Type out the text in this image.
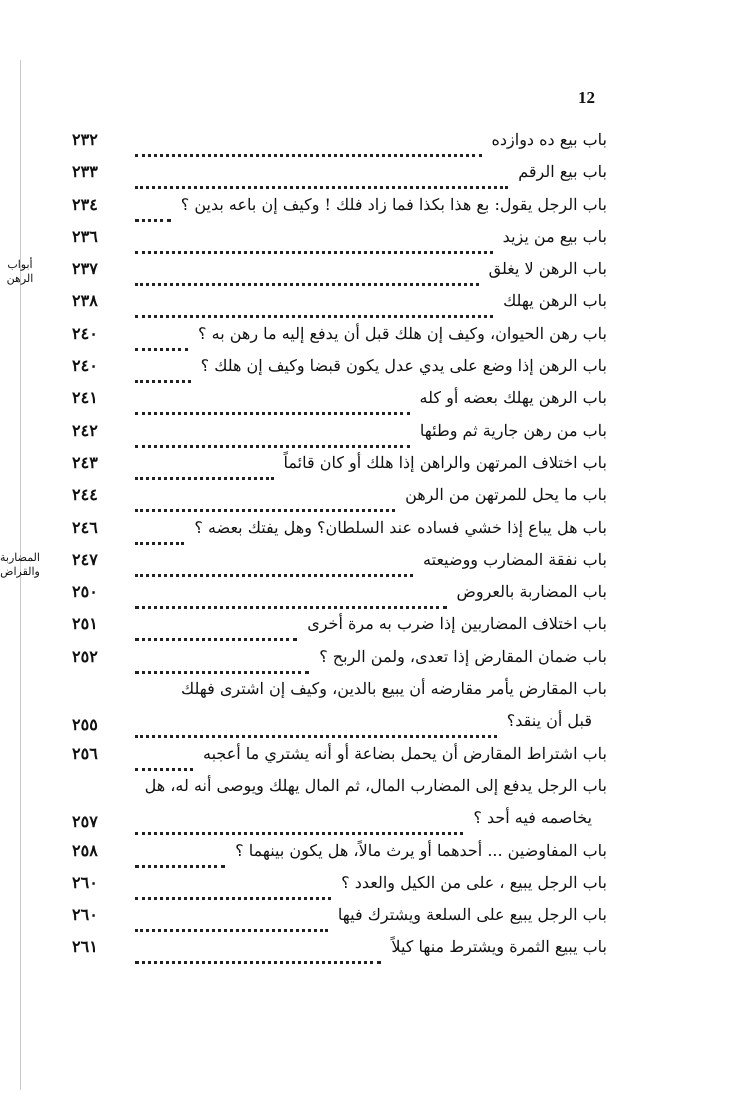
12
أبواب
الرهن
المضاربة
والقراض
باب بيع ده دوازده
٢٣٢
باب بيع الرقم
٢٣٣
باب الرجل يقول: بع هذا بكذا فما زاد فلك ! وكيف إن باعه بدين ؟
٢٣٤
باب بيع من يزيد
٢٣٦
باب الرهن لا يغلق
٢٣٧
باب الرهن يهلك
٢٣٨
باب رهن الحيوان، وكيف إن هلك قبل أن يدفع إليه ما رهن به ؟
٢٤٠
باب الرهن إذا وضع على يدي عدل يكون قبضا وكيف إن هلك ؟
٢٤٠
باب الرهن يهلك بعضه أو كله
٢٤١
باب من رهن جارية ثم وطئها
٢٤٢
باب اختلاف المرتهن والراهن إذا هلك أو كان قائماً
٢٤٣
باب ما يحل للمرتهن من الرهن
٢٤٤
باب هل يباع إذا خشي فساده عند السلطان؟ وهل يفتك بعضه ؟
٢٤٦
باب نفقة المضارب ووضيعته
٢٤٧
باب المضاربة بالعروض
٢٥٠
باب اختلاف المضاربين إذا ضرب به مرة أخرى
٢٥١
باب ضمان المقارض إذا تعدى، ولمن الربح ؟
٢٥٢
باب المقارض يأمر مقارضه أن يبيع بالدين، وكيف إن اشترى فهلك
قبل أن ينقد؟
٢٥٥
باب اشتراط المقارض أن يحمل بضاعة أو أنه يشتري ما أعجبه
٢٥٦
باب الرجل يدفع إلى المضارب المال، ثم المال يهلك ويوصى أنه له، هل
يخاصمه فيه أحد ؟
٢٥٧
باب المفاوضين ... أحدهما أو يرث مالاً، هل يكون بينهما ؟
٢٥٨
باب الرجل يبيع ، على من الكيل والعدد ؟
٢٦٠
باب الرجل يبيع على السلعة ويشترك فيها
٢٦٠
باب يبيع الثمرة ويشترط منها كيلاً
٢٦١
